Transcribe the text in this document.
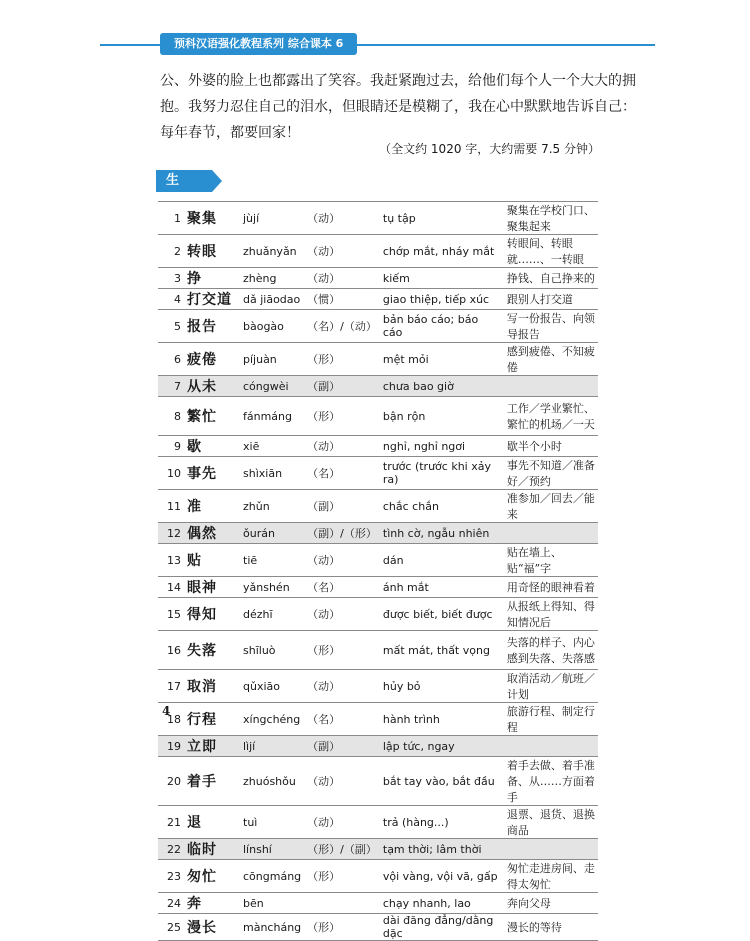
预科汉语强化教程系列 综合课本 6
公、外婆的脸上也都露出了笑容。我赶紧跑过去，给他们每个人一个大大的拥
抱。我努力忍住自己的泪水，但眼睛还是模糊了，我在心中默默地告诉自己：
每年春节，都要回家！
（全文约 1020 字，大约需要 7.5 分钟）
生 词
1	聚集	jùjí	（动）	tụ tập	聚集在学校门口、聚集起来
2	转眼	zhuǎnyǎn	（动）	chớp mắt, nháy mắt	转眼间、转眼就……、一转眼
3	挣	zhèng	（动）	kiếm	挣钱、自己挣来的
4	打交道	dǎ jiāodao	（惯）	giao thiệp, tiếp xúc	跟别人打交道
5	报告	bàogào	（名）/（动）	bản báo cáo; báo cáo	写一份报告、向领导报告
6	疲倦	píjuàn	（形）	mệt mỏi	感到疲倦、不知疲倦
7	从未	cóngwèi	（副）	chưa bao giờ	
8	繁忙	fánmáng	（形）	bận rộn	工作／学业繁忙、繁忙的机场／一天
9	歇	xiē	（动）	nghỉ, nghỉ ngơi	歇半个小时
10	事先	shìxiān	（名）	trước (trước khi xảy ra)	事先不知道／准备好／预约
11	准	zhǔn	（副）	chắc chắn	准参加／回去／能来
12	偶然	ǒurán	（副）/（形）	tình cờ, ngẫu nhiên	
13	贴	tiē	（动）	dán	贴在墙上、贴“福”字
14	眼神	yǎnshén	（名）	ánh mắt	用奇怪的眼神看着
15	得知	dézhī	（动）	được biết, biết được	从报纸上得知、得知情况后
16	失落	shīluò	（形）	mất mát, thất vọng	失落的样子、内心感到失落、失落感
17	取消	qǔxiāo	（动）	hủy bỏ	取消活动／航班／计划
18	行程	xíngchéng	（名）	hành trình	旅游行程、制定行程
19	立即	lìjí	（副）	lập tức, ngay	
20	着手	zhuóshǒu	（动）	bắt tay vào, bắt đầu	着手去做、着手准备、从……方面着手
21	退	tuì	（动）	trả (hàng...)	退票、退货、退换商品
22	临时	línshí	（形）/（副）	tạm thời; lâm thời	
23	匆忙	cōngmáng	（形）	vội vàng, vội vã, gấp	匆忙走进房间、走得太匆忙
24	奔	bēn		chạy nhanh, lao	奔向父母
25	漫长	màncháng	（形）	dài đăng đẳng/dằng dặc	漫长的等待
4
